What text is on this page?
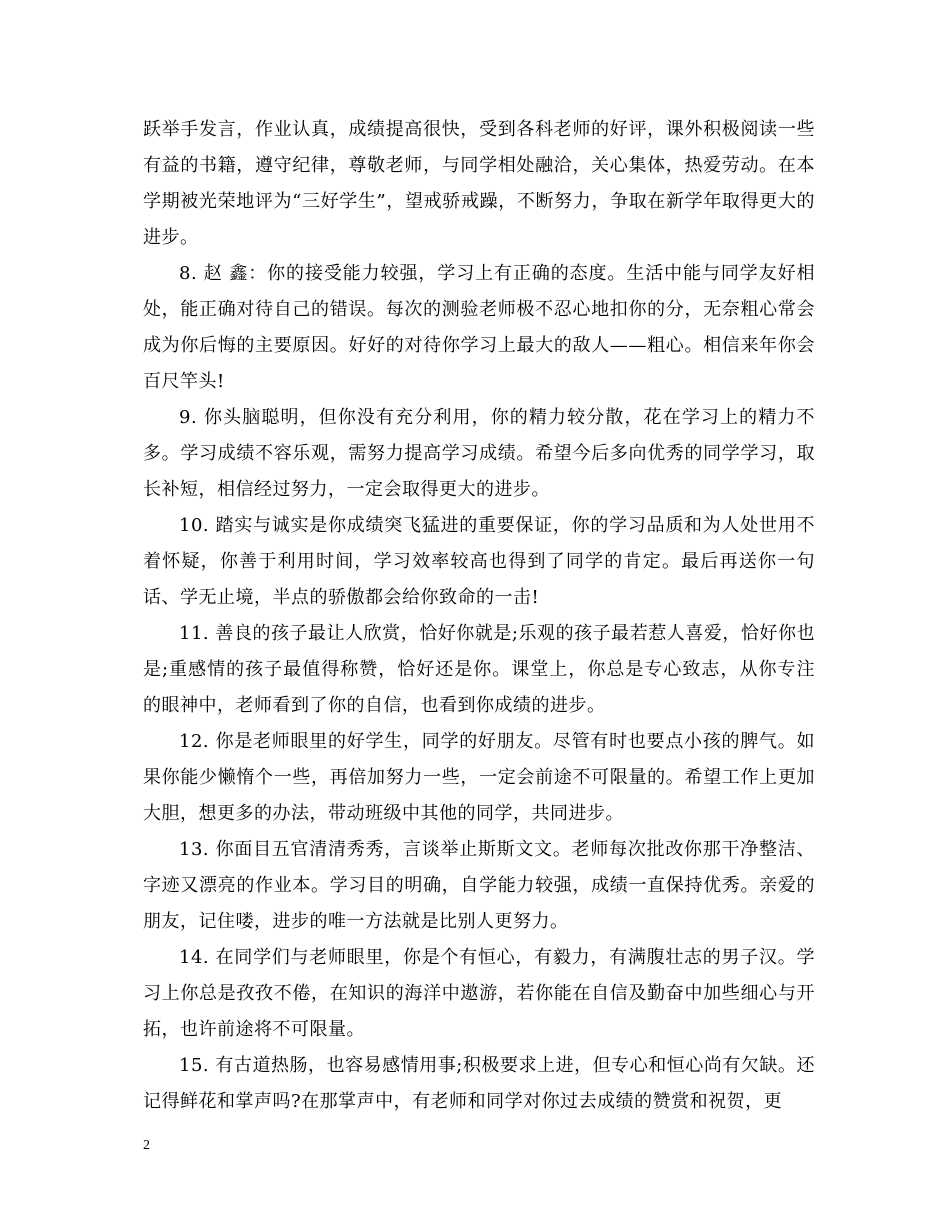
跃举手发言，作业认真，成绩提高很快，受到各科老师的好评，课外积极阅读一些有益的书籍，遵守纪律，尊敬老师，与同学相处融洽，关心集体，热爱劳动。在本学期被光荣地评为“三好学生”，望戒骄戒躁，不断努力，争取在新学年取得更大的进步。

8. 赵 鑫：你的接受能力较强，学习上有正确的态度。生活中能与同学友好相处，能正确对待自己的错误。每次的测验老师极不忍心地扣你的分，无奈粗心常会成为你后悔的主要原因。好好的对待你学习上最大的敌人——粗心。相信来年你会百尺竿头!

9. 你头脑聪明，但你没有充分利用，你的精力较分散，花在学习上的精力不多。学习成绩不容乐观，需努力提高学习成绩。希望今后多向优秀的同学学习，取长补短，相信经过努力，一定会取得更大的进步。

10. 踏实与诚实是你成绩突飞猛进的重要保证，你的学习品质和为人处世用不着怀疑，你善于利用时间，学习效率较高也得到了同学的肯定。最后再送你一句话、学无止境，半点的骄傲都会给你致命的一击!

11. 善良的孩子最让人欣赏，恰好你就是;乐观的孩子最若惹人喜爱，恰好你也是;重感情的孩子最值得称赞，恰好还是你。课堂上，你总是专心致志，从你专注的眼神中，老师看到了你的自信，也看到你成绩的进步。

12. 你是老师眼里的好学生，同学的好朋友。尽管有时也要点小孩的脾气。如果你能少懒惰个一些，再倍加努力一些，一定会前途不可限量的。希望工作上更加大胆，想更多的办法，带动班级中其他的同学，共同进步。

13. 你面目五官清清秀秀，言谈举止斯斯文文。老师每次批改你那干净整洁、字迹又漂亮的作业本。学习目的明确，自学能力较强，成绩一直保持优秀。亲爱的朋友，记住喽，进步的唯一方法就是比别人更努力。

14. 在同学们与老师眼里，你是个有恒心，有毅力，有满腹壮志的男子汉。学习上你总是孜孜不倦，在知识的海洋中遨游，若你能在自信及勤奋中加些细心与开拓，也许前途将不可限量。

15. 有古道热肠，也容易感情用事;积极要求上进，但专心和恒心尚有欠缺。还记得鲜花和掌声吗?在那掌声中，有老师和同学对你过去成绩的赞赏和祝贺，更

2
